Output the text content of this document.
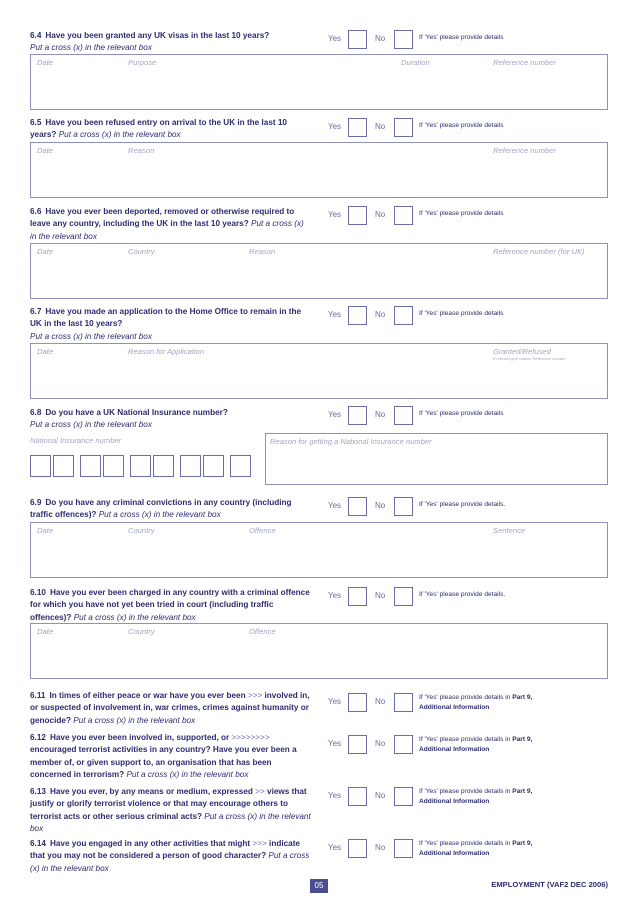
6.4 Have you been granted any UK visas in the last 10 years?
Put a cross (x) in the relevant box
Yes	No	If 'Yes' please provide details
Date	Purpose	Duration	Reference number
6.5 Have you been refused entry on arrival to the UK in the last 10 years? Put a cross (x) in the relevant box
Yes	No	If 'Yes' please provide details
Date	Reason	Reference number
6.6 Have you ever been deported, removed or otherwise required to leave any country, including the UK in the last 10 years? Put a cross (x) in the relevant box
Yes	No	If 'Yes' please provide details
Date	Country	Reason	Reference number (for UK)
6.7 Have you made an application to the Home Office to remain in the UK in the last 10 years?
Put a cross (x) in the relevant box
Yes	No	If 'Yes' please provide details
Date	Reason for Application	Granted/Refused
If refused give reason Reference number
6.8 Do you have a UK National Insurance number?
Put a cross (x) in the relevant box
Yes	No	If 'Yes' please provide details
National Insurance number	Reason for getting a National Insurance number
6.9 Do you have any criminal convictions in any country (including traffic offences)? Put a cross (x) in the relevant box
Yes	No	If 'Yes' please provide details.
Date	Country	Offence	Sentence
6.10 Have you ever been charged in any country with a criminal offence for which you have not yet been tried in court (including traffic offences)? Put a cross (x) in the relevant box
Yes	No	If 'Yes' please provide details.
Date	Country	Offence
6.11 In times of either peace or war have you ever been >>> involved in, or suspected of involvement in, war crimes, crimes against humanity or genocide? Put a cross (x) in the relevant box
Yes	No	If 'Yes' please provide details in Part 9,
Additional Information
6.12 Have you ever been involved in, supported, or >>>>>>>> encouraged terrorist activities in any country? Have you ever been a member of, or given support to, an organisation that has been concerned in terrorism? Put a cross (x) in the relevant box
Yes	No	If 'Yes' please provide details in Part 9,
Additional Information
6.13 Have you ever, by any means or medium, expressed >> views that justify or glorify terrorist violence or that may encourage others to terrorist acts or other serious criminal acts? Put a cross (x) in the relevant box
Yes	No	If 'Yes' please provide details in Part 9,
Additional Information
6.14 Have you engaged in any other activities that might >>> indicate that you may not be considered a person of good character? Put a cross (x) in the relevant box
Yes	No	If 'Yes' please provide details in Part 9,
Additional Information
05	EMPLOYMENT (VAF2 DEC 2006)
